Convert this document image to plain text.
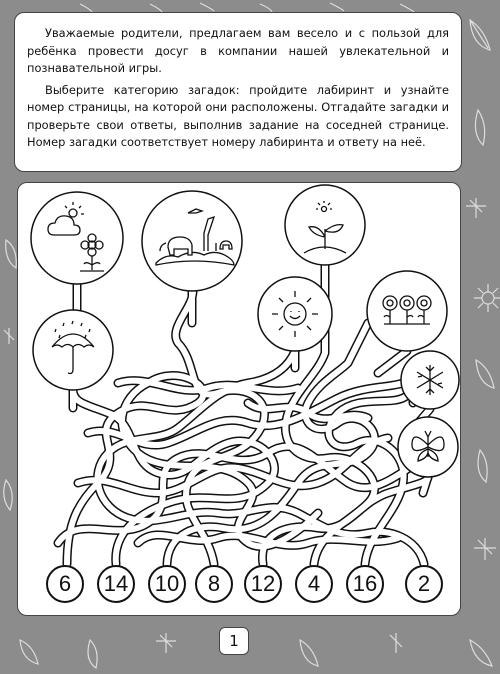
Уважаемые родители, предлагаем вам весело и с пользой для ребёнка провести досуг в компании нашей увлекательной и познавательной игры.

Выберите категорию загадок: пройдите лабиринт и узнайте номер страницы, на которой они расположены. Отгадайте загадки и проверьте свои ответы, выполнив задание на соседней странице. Номер загадки соответствует номеру лабиринта и ответу на неё.

6 14 10 8 12 4 16 2
1
